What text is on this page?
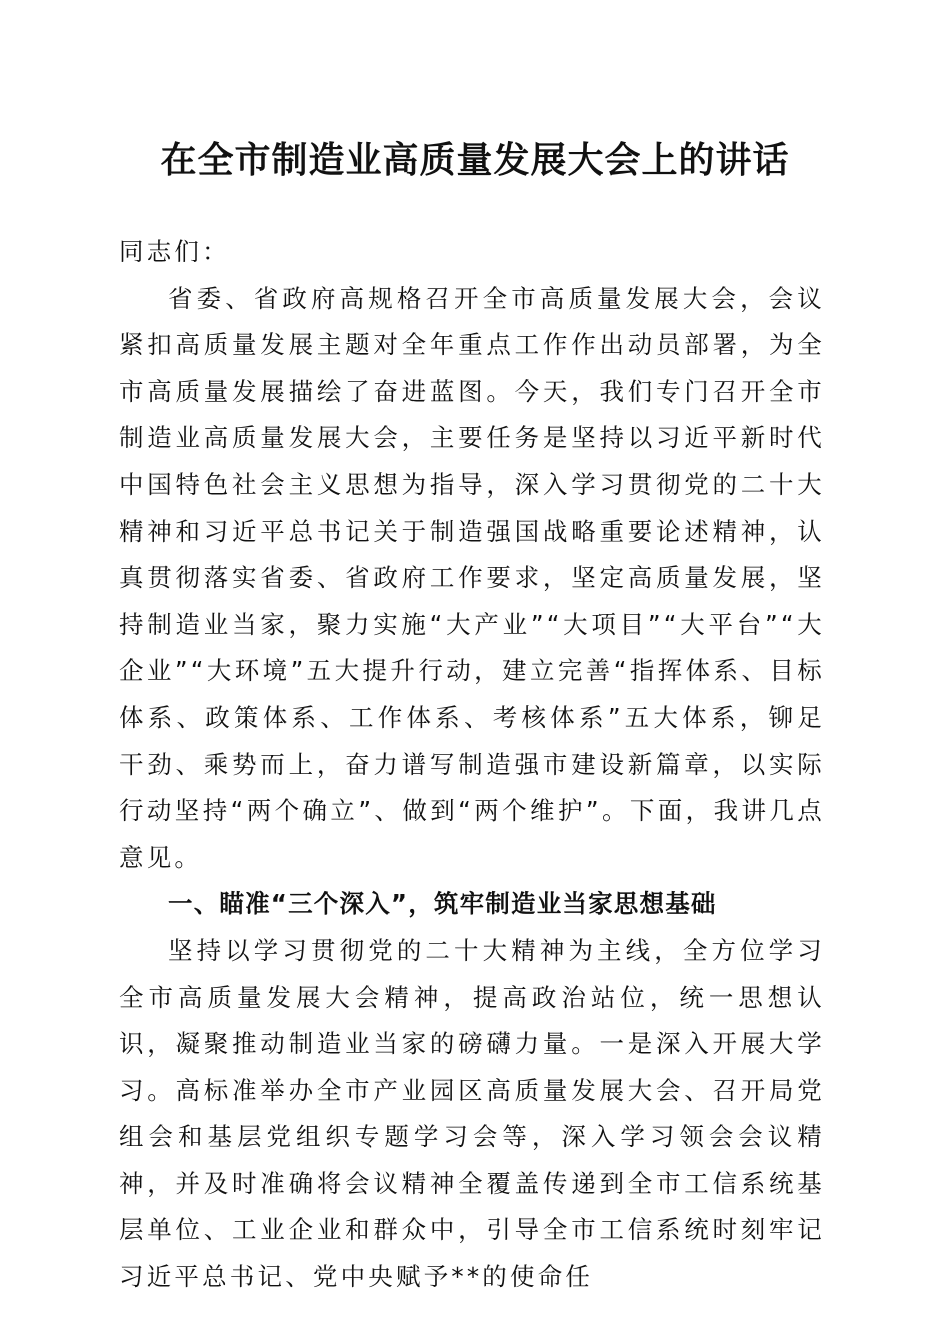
在全市制造业高质量发展大会上的讲话

同志们：

省委、省政府高规格召开全市高质量发展大会，会议紧扣高质量发展主题对全年重点工作作出动员部署，为全市高质量发展描绘了奋进蓝图。今天，我们专门召开全市制造业高质量发展大会，主要任务是坚持以习近平新时代中国特色社会主义思想为指导，深入学习贯彻党的二十大精神和习近平总书记关于制造强国战略重要论述精神，认真贯彻落实省委、省政府工作要求，坚定高质量发展，坚持制造业当家，聚力实施“大产业”“大项目”“大平台”“大企业”“大环境”五大提升行动，建立完善“指挥体系、目标体系、政策体系、工作体系、考核体系”五大体系，铆足干劲、乘势而上，奋力谱写制造强市建设新篇章，以实际行动坚持“两个确立”、做到“两个维护”。下面，我讲几点意见。

一、瞄准“三个深入”，筑牢制造业当家思想基础

坚持以学习贯彻党的二十大精神为主线，全方位学习全市高质量发展大会精神，提高政治站位，统一思想认识，凝聚推动制造业当家的磅礴力量。一是深入开展大学习。高标准举办全市产业园区高质量发展大会、召开局党组会和基层党组织专题学习会等，深入学习领会会议精神，并及时准确将会议精神全覆盖传递到全市工信系统基层单位、工业企业和群众中，引导全市工信系统时刻牢记习近平总书记、党中央赋予**的使命任
